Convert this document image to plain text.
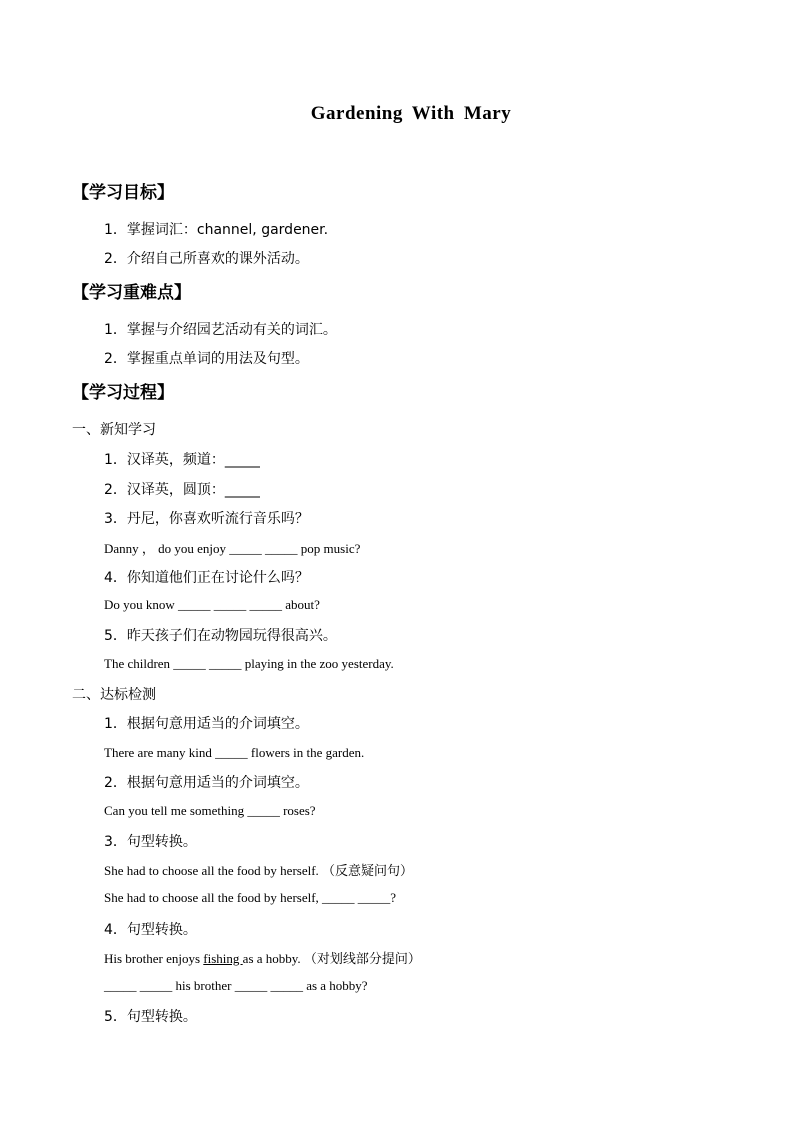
Gardening With Mary
【学习目标】
1．掌握词汇：channel, gardener.
2．介绍自己所喜欢的课外活动。
【学习重难点】
1．掌握与介绍园艺活动有关的词汇。
2．掌握重点单词的用法及句型。
【学习过程】
一、新知学习
1．汉译英，频道：_____
2．汉译英，圆顶：_____
3．丹尼，你喜欢听流行音乐吗？
Danny ， do you enjoy _____ _____ pop music?
4．你知道他们正在讨论什么吗？
Do you know _____ _____ _____ about?
5．昨天孩子们在动物园玩得很高兴。
The children _____ _____ playing in the zoo yesterday.
二、达标检测
1．根据句意用适当的介词填空。
There are many kind _____ flowers in the garden.
2．根据句意用适当的介词填空。
Can you tell me something _____ roses?
3．句型转换。
She had to choose all the food by herself. （反意疑问句）
She had to choose all the food by herself, _____ _____?
4．句型转换。
His brother enjoys fishing as a hobby. （对划线部分提问）
_____ _____ his brother _____ _____ as a hobby?
5．句型转换。
